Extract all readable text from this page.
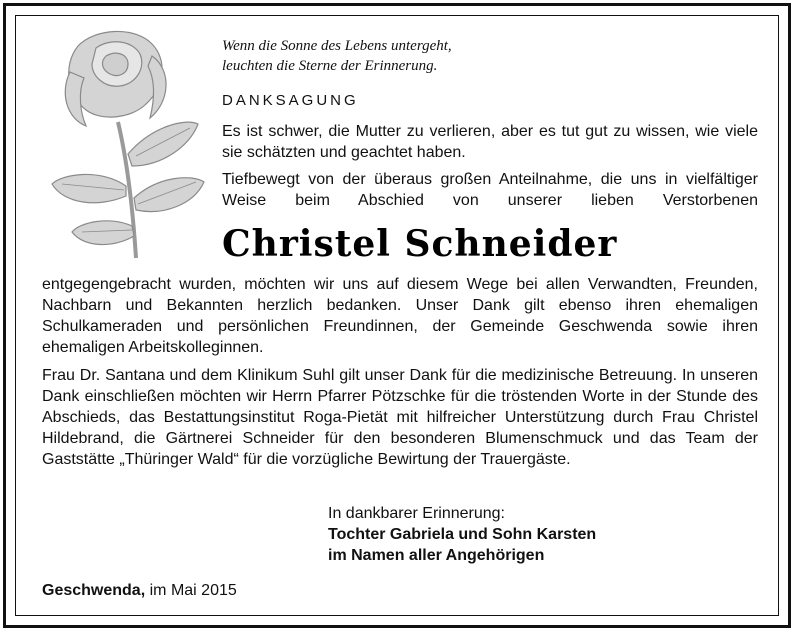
Wenn die Sonne des Lebens untergeht,
leuchten die Sterne der Erinnerung.
DANKSAGUNG
Es ist schwer, die Mutter zu verlieren, aber es tut gut zu wissen, wie viele sie schätzten und geachtet haben.
Tiefbewegt von der überaus großen Anteilnahme, die uns in vielfältiger Weise beim Abschied von unserer lieben Verstorbenen
Christel Schneider
entgegengebracht wurden, möchten wir uns auf diesem Wege bei allen Verwandten, Freunden, Nachbarn und Bekannten herzlich bedanken. Unser Dank gilt ebenso ihren ehemaligen Schulkameraden und persönlichen Freundinnen, der Gemeinde Geschwenda sowie ihren ehemaligen Arbeitskolleginnen.
Frau Dr. Santana und dem Klinikum Suhl gilt unser Dank für die medizinische Betreuung. In unseren Dank einschließen möchten wir Herrn Pfarrer Pötzschke für die tröstenden Worte in der Stunde des Abschieds, das Bestattungsinstitut Roga-Pietät mit hilfreicher Unterstützung durch Frau Christel Hildebrand, die Gärtnerei Schneider für den besonderen Blumenschmuck und das Team der Gaststätte „Thüringer Wald“ für die vorzügliche Bewirtung der Trauergäste.
In dankbarer Erinnerung:
Tochter Gabriela und Sohn Karsten
im Namen aller Angehörigen
Geschwenda, im Mai 2015
